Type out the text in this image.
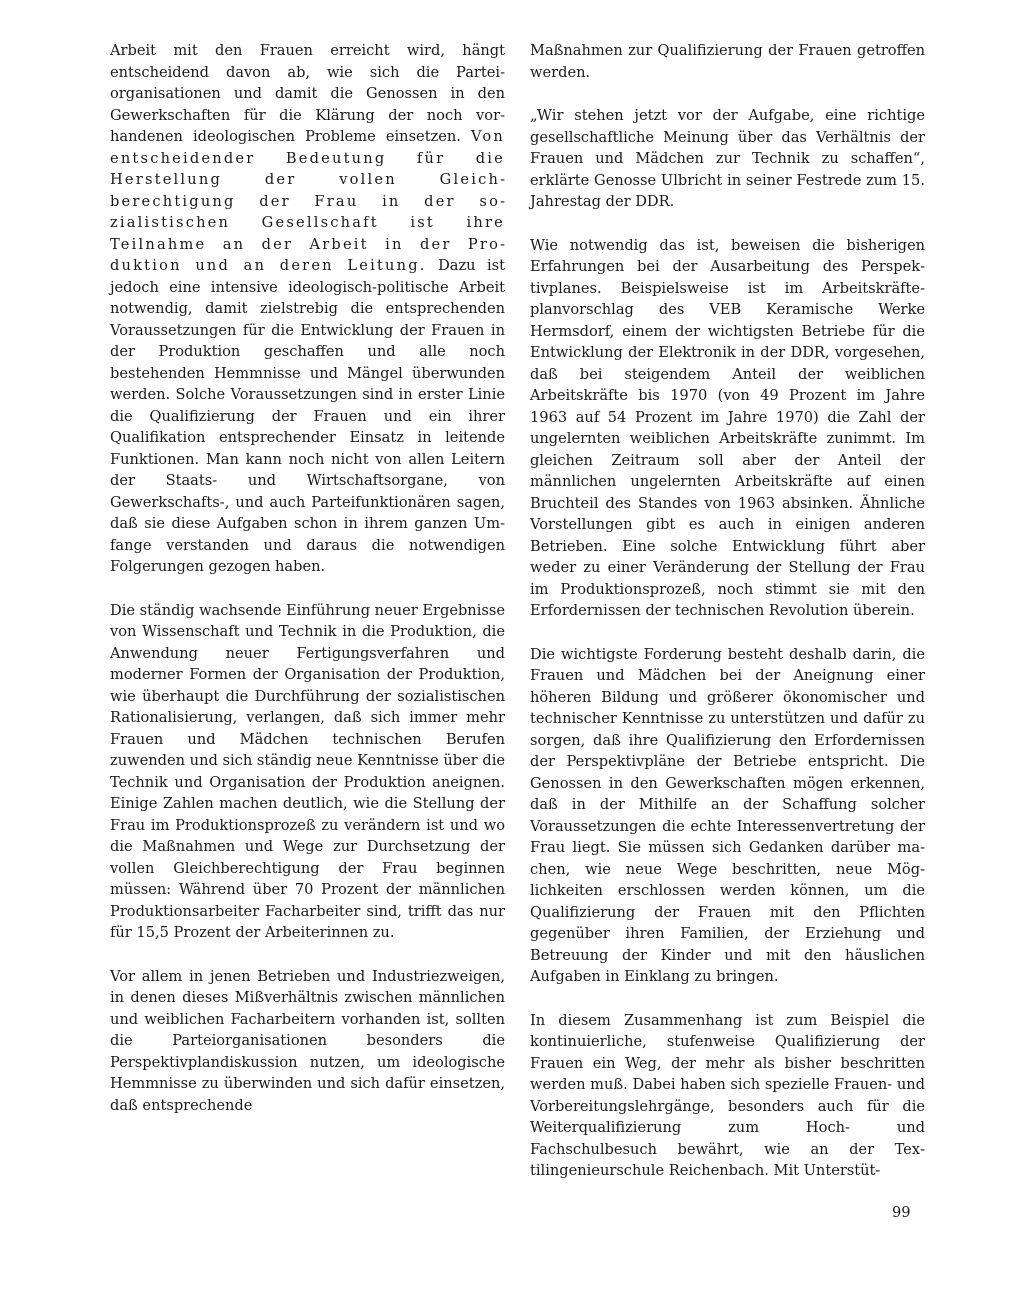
Arbeit mit den Frauen erreicht wird, hängt entscheidend davon ab, wie sich die Parteiorganisationen und damit die Genossen in den Gewerkschaften für die Klärung der noch vorhandenen ideologischen Probleme einsetzen. Von entscheidender Bedeutung für die Herstellung der vollen Gleichberechtigung der Frau in der sozialistischen Gesellschaft ist ihre Teilnahme an der Arbeit in der Produktion und an deren Leitung. Dazu ist jedoch eine intensive ideologisch-politische Arbeit notwendig, damit zielstrebig die entsprechenden Voraussetzungen für die Entwicklung der Frauen in der Produktion geschaffen und alle noch bestehenden Hemmnisse und Mängel überwunden werden. Solche Voraussetzungen sind in erster Linie die Qualifizierung der Frauen und ein ihrer Qualifikation entsprechender Einsatz in leitende Funktionen. Man kann noch nicht von allen Leitern der Staats- und Wirtschaftsorgane, von Gewerkschafts-, und auch Parteifunktionären sagen, daß sie diese Aufgaben schon in ihrem ganzen Umfange verstanden und daraus die notwendigen Folgerungen gezogen haben.

Die ständig wachsende Einführung neuer Ergebnisse von Wissenschaft und Technik in die Produktion, die Anwendung neuer Fertigungsverfahren und moderner Formen der Organisation der Produktion, wie überhaupt die Durchführung der sozialistischen Rationalisierung, verlangen, daß sich immer mehr Frauen und Mädchen technischen Berufen zuwenden und sich ständig neue Kenntnisse über die Technik und Organisation der Produktion aneignen. Einige Zahlen machen deutlich, wie die Stellung der Frau im Produktionsprozeß zu verändern ist und wo die Maßnahmen und Wege zur Durchsetzung der vollen Gleichberechtigung der Frau beginnen müssen: Während über 70 Prozent der männlichen Produktionsarbeiter Facharbeiter sind, trifft das nur für 15,5 Prozent der Arbeiterinnen zu.

Vor allem in jenen Betrieben und Industriezweigen, in denen dieses Mißverhältnis zwischen männlichen und weiblichen Facharbeitern vorhanden ist, sollten die Parteiorganisationen besonders die Perspektivplandiskussion nutzen, um ideologische Hemmnisse zu überwinden und sich dafür einsetzen, daß entsprechende

Maßnahmen zur Qualifizierung der Frauen getroffen werden.

„Wir stehen jetzt vor der Aufgabe, eine richtige gesellschaftliche Meinung über das Verhältnis der Frauen und Mädchen zur Technik zu schaffen“, erklärte Genosse Ulbricht in seiner Festrede zum 15. Jahrestag der DDR.

Wie notwendig das ist, beweisen die bisherigen Erfahrungen bei der Ausarbeitung des Perspektivplanes. Beispielsweise ist im Arbeitskräfteplanvorschlag des VEB Keramische Werke Hermsdorf, einem der wichtigsten Betriebe für die Entwicklung der Elektronik in der DDR, vorgesehen, daß bei steigendem Anteil der weiblichen Arbeitskräfte bis 1970 (von 49 Prozent im Jahre 1963 auf 54 Prozent im Jahre 1970) die Zahl der ungelernten weiblichen Arbeitskräfte zunimmt. Im gleichen Zeitraum soll aber der Anteil der männlichen ungelernten Arbeitskräfte auf einen Bruchteil des Standes von 1963 absinken. Ähnliche Vorstellungen gibt es auch in einigen anderen Betrieben. Eine solche Entwicklung führt aber weder zu einer Veränderung der Stellung der Frau im Produktionsprozeß, noch stimmt sie mit den Erfordernissen der technischen Revolution überein.

Die wichtigste Forderung besteht deshalb darin, die Frauen und Mädchen bei der Aneignung einer höheren Bildung und größerer ökonomischer und technischer Kenntnisse zu unterstützen und dafür zu sorgen, daß ihre Qualifizierung den Erfordernissen der Perspektivpläne der Betriebe entspricht. Die Genossen in den Gewerkschaften mögen erkennen, daß in der Mithilfe an der Schaffung solcher Voraussetzungen die echte Interessenvertretung der Frau liegt. Sie müssen sich Gedanken darüber machen, wie neue Wege beschritten, neue Möglichkeiten erschlossen werden können, um die Qualifizierung der Frauen mit den Pflichten gegenüber ihren Familien, der Erziehung und Betreuung der Kinder und mit den häuslichen Aufgaben in Einklang zu bringen.

In diesem Zusammenhang ist zum Beispiel die kontinuierliche, stufenweise Qualifizierung der Frauen ein Weg, der mehr als bisher beschritten werden muß. Dabei haben sich spezielle Frauen- und Vorbereitungslehrgänge, besonders auch für die Weiterqualifizierung zum Hoch- und Fachschulbesuch bewährt, wie an der Textilingenieurschule Reichenbach. Mit Unterstüt-

99
